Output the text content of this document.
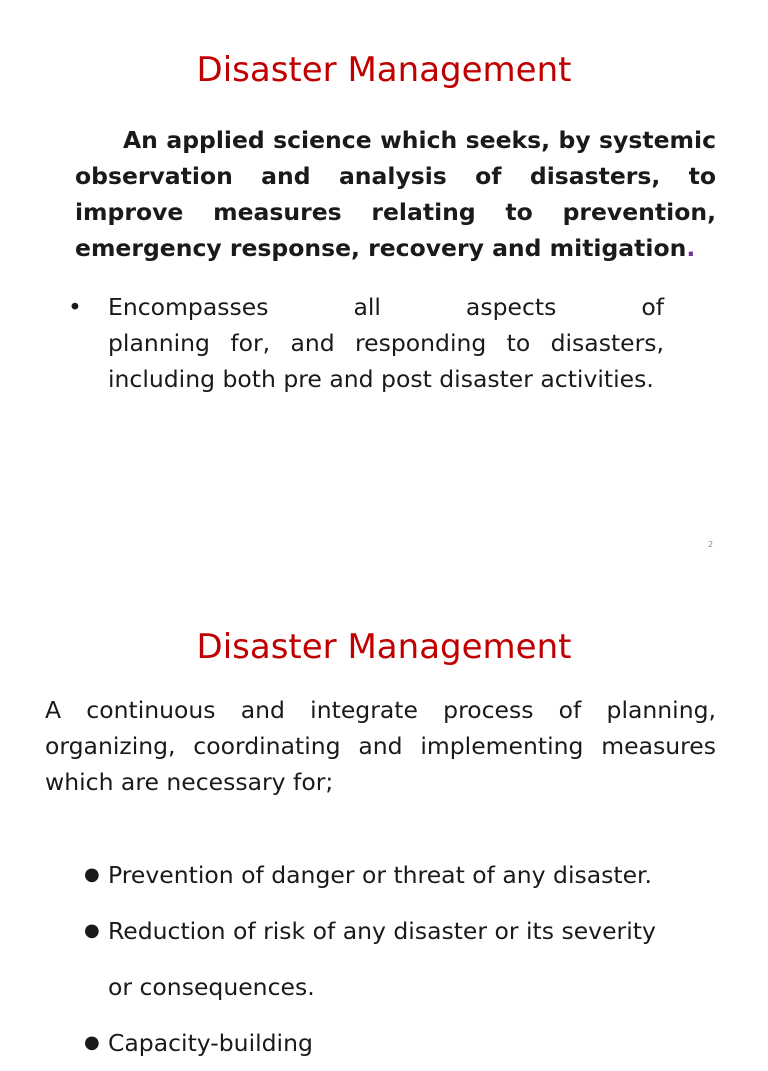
Disaster Management

An applied science which seeks, by systemic observation and analysis of disasters, to improve measures relating to prevention, emergency response, recovery and mitigation.

•	Encompasses all aspects of
planning for, and responding to disasters,
including both pre and post disaster activities.
2
Disaster Management

A continuous and integrate process of planning,
organizing, coordinating and implementing measures
which are necessary for;

● Prevention of danger or threat of any disaster.
● Reduction of risk of any disaster or its severity
or consequences.
● Capacity-building
